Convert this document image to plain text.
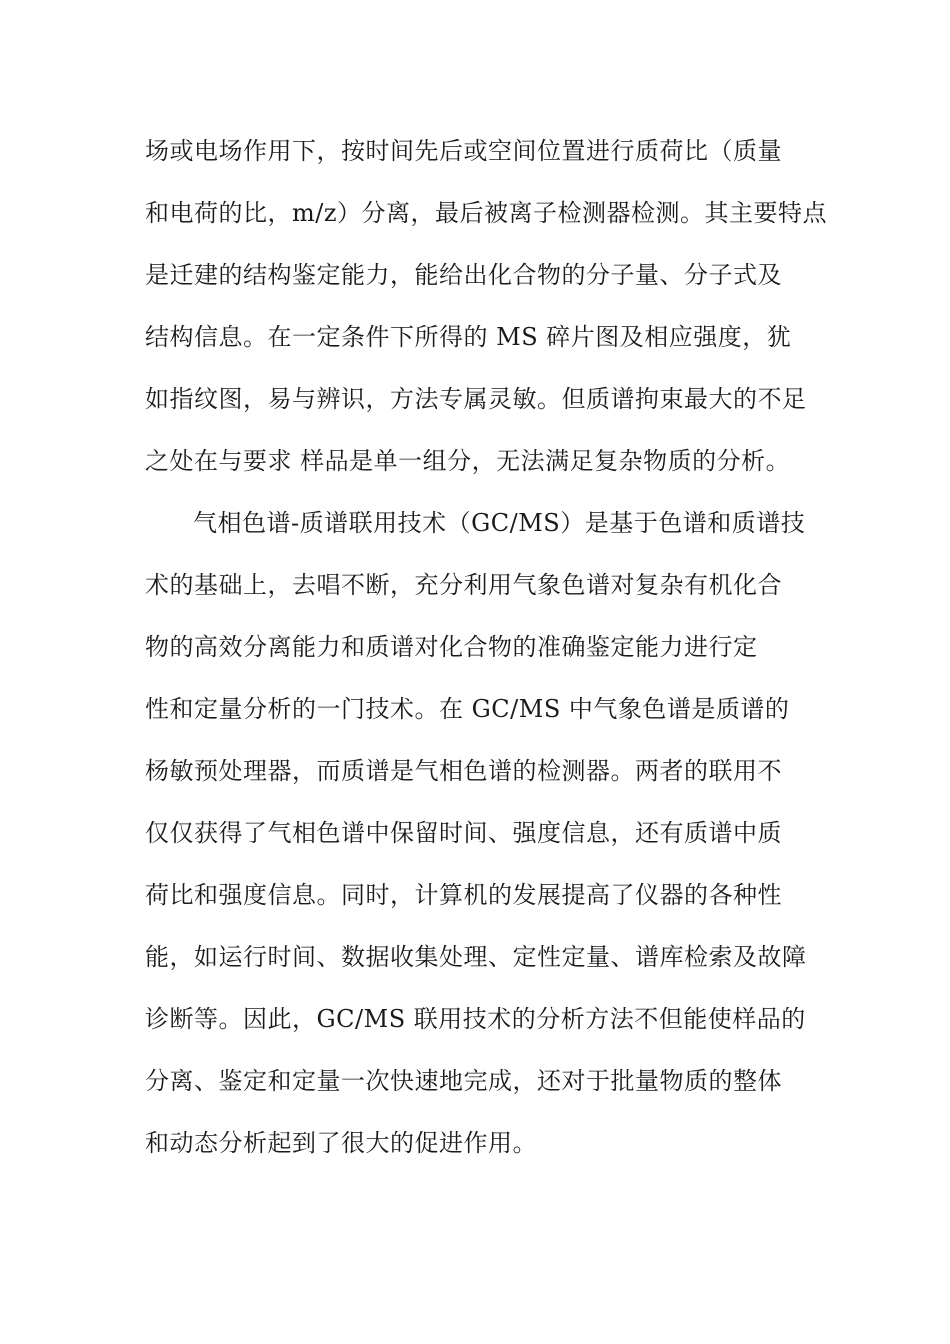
场或电场作用下，按时间先后或空间位置进行质荷比（质量
和电荷的比，m/z）分离，最后被离子检测器检测。其主要特点
是迁建的结构鉴定能力，能给出化合物的分子量、分子式及
结构信息。在一定条件下所得的 MS 碎片图及相应强度，犹
如指纹图，易与辨识，方法专属灵敏。但质谱拘束最大的不足
之处在与要求 样品是单一组分，无法满足复杂物质的分析。
气相色谱-质谱联用技术（GC/MS）是基于色谱和质谱技
术的基础上，去唱不断，充分利用气象色谱对复杂有机化合
物的高效分离能力和质谱对化合物的准确鉴定能力进行定
性和定量分析的一门技术。在 GC/MS 中气象色谱是质谱的
杨敏预处理器，而质谱是气相色谱的检测器。两者的联用不
仅仅获得了气相色谱中保留时间、强度信息，还有质谱中质
荷比和强度信息。同时，计算机的发展提高了仪器的各种性
能，如运行时间、数据收集处理、定性定量、谱库检索及故障
诊断等。因此，GC/MS 联用技术的分析方法不但能使样品的
分离、鉴定和定量一次快速地完成，还对于批量物质的整体
和动态分析起到了很大的促进作用。
